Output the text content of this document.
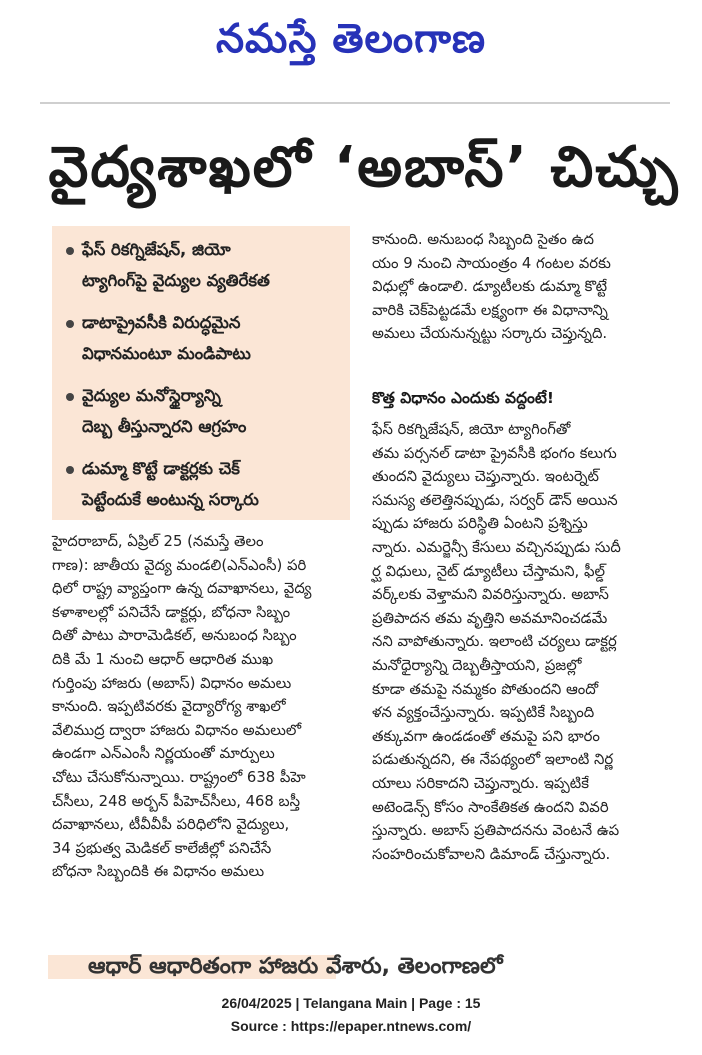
నమస్తే తెలంగాణ
వైద్యశాఖలో ‘అబాస్’ చిచ్చు
ఫేస్ రికగ్నిజేషన్, జియో
ట్యాగింగ్‌పై వైద్యుల వ్యతిరేకత
డాటాప్రైవసీకి విరుద్ధమైన
విధానమంటూ మండిపాటు
వైద్యుల మనోస్థైర్యాన్ని
దెబ్బ తీస్తున్నారని ఆగ్రహం
డుమ్మా కొట్టే డాక్టర్లకు చెక్
పెట్టేందుకే అంటున్న సర్కారు

హైదరాబాద్, ఏప్రిల్ 25 (నమస్తే తెలం

గాణ): జాతీయ వైద్య మండలి(ఎన్‌ఎంసీ) పరి

ధిలో రాష్ట్ర వ్యాప్తంగా ఉన్న దవాఖానలు, వైద్య

కళాశాలల్లో పనిచేసే డాక్టర్లు, బోధనా సిబ్బం

దితో పాటు పారామెడికల్, అనుబంధ సిబ్బం

దికి మే 1 నుంచి ఆధార్ ఆధారిత ముఖ

గుర్తింపు హాజరు (అబాస్) విధానం అమలు

కానుంది. ఇప్పటివరకు వైద్యారోగ్య శాఖలో

వేలిముద్ర ద్వారా హాజరు విధానం అమలులో

ఉండగా ఎన్‌ఎంసీ నిర్ణయంతో మార్పులు

చోటు చేసుకోనున్నాయి. రాష్ట్రంలో 638 పీహె

చ్‌సీలు, 248 అర్బన్ పీహెచ్‌సీలు, 468 బస్తీ

దవాఖానలు, టీవీవీపీ పరిధిలోని వైద్యులు,

34 ప్రభుత్వ మెడికల్ కాలేజీల్లో పనిచేసే

బోధనా సిబ్బందికి ఈ విధానం అమలు

కానుంది. అనుబంధ సిబ్బంది సైతం ఉద

యం 9 నుంచి సాయంత్రం 4 గంటల వరకు

విధుల్లో ఉండాలి. డ్యూటీలకు డుమ్మా కొట్టే

వారికి చెక్‌పెట్టడమే లక్ష్యంగా ఈ విధానాన్ని

అమలు చేయనున్నట్టు సర్కారు చెప్తున్నది.

కొత్త విధానం ఎందుకు వద్దంటే!

ఫేస్ రికగ్నిజేషన్, జియో ట్యాగింగ్‌తో

తమ పర్సనల్ డాటా ప్రైవసీకి భంగం కలుగు

తుందని వైద్యులు చెప్తున్నారు. ఇంటర్నెట్

సమస్య తలెత్తినప్పుడు, సర్వర్ డౌన్ అయిన

ప్పుడు హాజరు పరిస్థితి ఏంటని ప్రశ్నిస్తు

న్నారు. ఎమర్జెన్సీ కేసులు వచ్చినప్పుడు సుదీ

ర్ఘ విధులు, నైట్ డ్యూటీలు చేస్తామని, ఫీల్డ్

వర్క్‌లకు వెళ్తామని వివరిస్తున్నారు. అబాస్

ప్రతిపాదన తమ వృత్తిని అవమానించడమే

నని వాపోతున్నారు. ఇలాంటి చర్యలు డాక్టర్ల

మనోధైర్యాన్ని దెబ్బతీస్తాయని, ప్రజల్లో

కూడా తమపై నమ్మకం పోతుందని ఆందో

ళన వ్యక్తంచేస్తున్నారు. ఇప్పటికే సిబ్బంది

తక్కువగా ఉండడంతో తమపై పని భారం

పడుతున్నదని, ఈ నేపథ్యంలో ఇలాంటి నిర్ణ

యాలు సరికాదని చెప్తున్నారు. ఇప్పటికే

అటెండెన్స్ కోసం సాంకేతికత ఉందని వివరి

స్తున్నారు. అబాస్ ప్రతిపాదనను వెంటనే ఉప

సంహరించుకోవాలని డిమాండ్ చేస్తున్నారు.

ఆధార్ ఆధారితంగా హాజరు వేశారు, తెలంగాణలో
26/04/2025 | Telangana Main | Page : 15
Source : https://epaper.ntnews.com/
